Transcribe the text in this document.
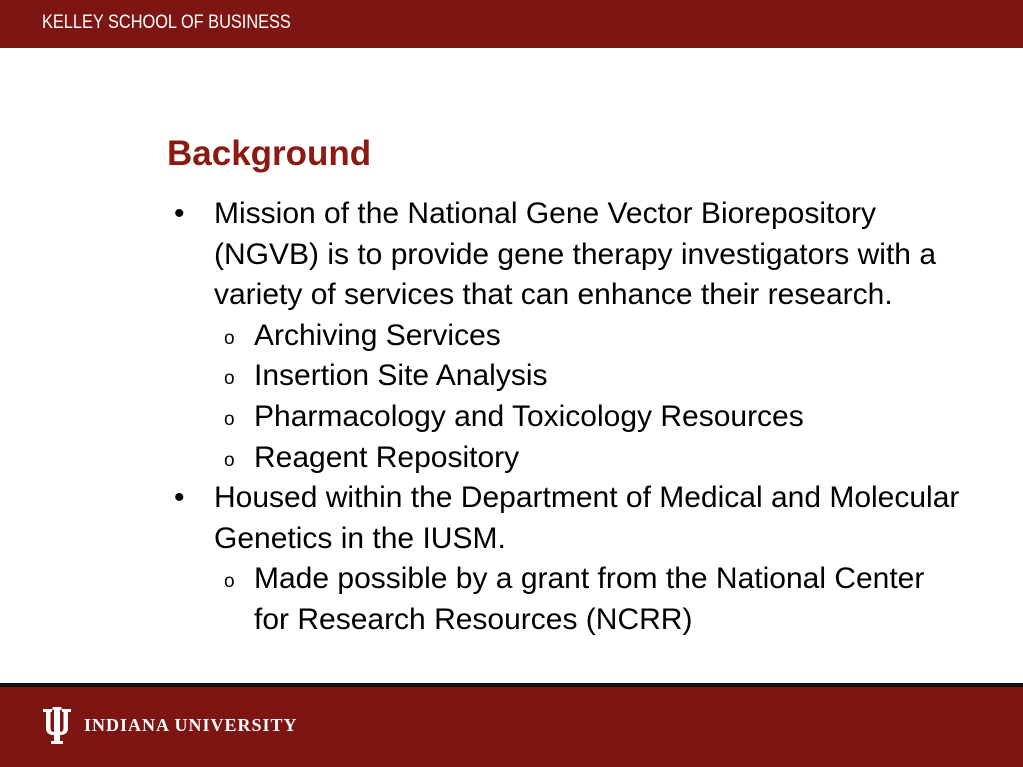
KELLEY SCHOOL OF BUSINESS
Background
• Mission of the National Gene Vector Biorepository (NGVB) is to provide gene therapy investigators with a variety of services that can enhance their research.
o Archiving Services
o Insertion Site Analysis
o Pharmacology and Toxicology Resources
o Reagent Repository
• Housed within the Department of Medical and Molecular Genetics in the IUSM.
o Made possible by a grant from the National Center for Research Resources (NCRR)
INDIANA UNIVERSITY
